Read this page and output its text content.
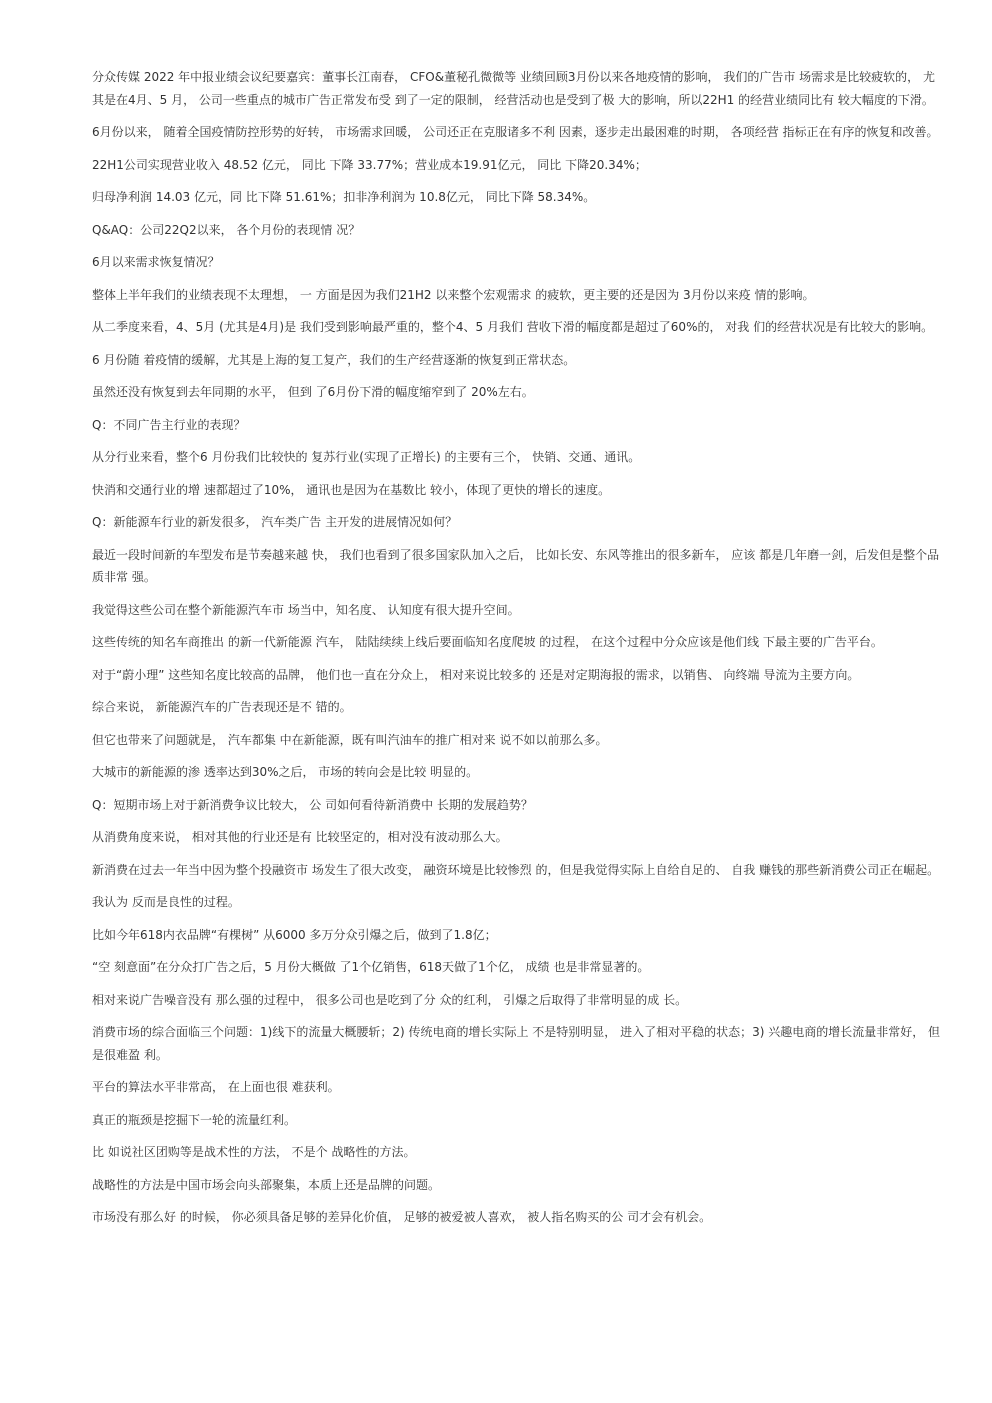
分众传媒 2022 年中报业绩会议纪要嘉宾：董事长江南春， CFO&董秘孔微微等 业绩回顾3月份以来各地疫情的影响， 我们的广告市 场需求是比较疲软的， 尤其是在4月、5 月， 公司一些重点的城市广告正常发布受 到了一定的限制， 经营活动也是受到了极 大的影响，所以22H1 的经营业绩同比有 较大幅度的下滑。

6月份以来， 随着全国疫情防控形势的好转， 市场需求回暖， 公司还正在克服诸多不利 因素，逐步走出最困难的时期， 各项经营 指标正在有序的恢复和改善。

22H1公司实现营业收入 48.52 亿元， 同比 下降 33.77%；营业成本19.91亿元， 同比 下降20.34%；

归母净利润 14.03 亿元，同 比下降 51.61%；扣非净利润为 10.8亿元， 同比下降 58.34%。

Q&AQ：公司22Q2以来， 各个月份的表现情 况？

6月以来需求恢复情况？

整体上半年我们的业绩表现不太理想， 一 方面是因为我们21H2 以来整个宏观需求 的疲软，更主要的还是因为 3月份以来疫 情的影响。

从二季度来看，4、5月 (尤其是4月)是 我们受到影响最严重的，整个4、5 月我们 营收下滑的幅度都是超过了60%的， 对我 们的经营状况是有比较大的影响。

6 月份随 着疫情的缓解，尤其是上海的复工复产，我们的生产经营逐渐的恢复到正常状态。

虽然还没有恢复到去年同期的水平， 但到 了6月份下滑的幅度缩窄到了 20%左右。

Q：不同广告主行业的表现？

从分行业来看，整个6 月份我们比较快的 复苏行业(实现了正增长) 的主要有三个， 快销、交通、通讯。

快消和交通行业的增 速都超过了10%， 通讯也是因为在基数比 较小，体现了更快的增长的速度。

Q：新能源车行业的新发很多， 汽车类广告 主开发的进展情况如何？

最近一段时间新的车型发布是节奏越来越 快， 我们也看到了很多国家队加入之后， 比如长安、东风等推出的很多新车， 应该 都是几年磨一剑，后发但是整个品质非常 强。

我觉得这些公司在整个新能源汽车市 场当中，知名度、 认知度有很大提升空间。

这些传统的知名车商推出 的新一代新能源 汽车， 陆陆续续上线后要面临知名度爬坡 的过程， 在这个过程中分众应该是他们线 下最主要的广告平台。

对于“蔚小理” 这些知名度比较高的品牌， 他们也一直在分众上， 相对来说比较多的 还是对定期海报的需求，以销售、 向终端 导流为主要方向。

综合来说， 新能源汽车的广告表现还是不 错的。

但它也带来了问题就是， 汽车都集 中在新能源，既有叫汽油车的推广相对来 说不如以前那么多。

大城市的新能源的渗 透率达到30%之后， 市场的转向会是比较 明显的。

Q：短期市场上对于新消费争议比较大， 公 司如何看待新消费中 长期的发展趋势？

从消费角度来说， 相对其他的行业还是有 比较坚定的，相对没有波动那么大。

新消费在过去一年当中因为整个投融资市 场发生了很大改变， 融资环境是比较惨烈 的，但是我觉得实际上自给自足的、 自我 赚钱的那些新消费公司正在崛起。

我认为 反而是良性的过程。

比如今年618内衣品牌“有棵树” 从6000 多万分众引爆之后，做到了1.8亿；

“空 刻意面”在分众打广告之后，5 月份大概做 了1个亿销售，618天做了1个亿， 成绩 也是非常显著的。

相对来说广告噪音没有 那么强的过程中， 很多公司也是吃到了分 众的红利， 引爆之后取得了非常明显的成 长。

消费市场的综合面临三个问题：1)线下的流量大概腰斩；2) 传统电商的增长实际上 不是特别明显， 进入了相对平稳的状态；3) 兴趣电商的增长流量非常好， 但是很难盈 利。

平台的算法水平非常高， 在上面也很 难获利。

真正的瓶颈是挖掘下一轮的流量红利。

比 如说社区团购等是战术性的方法， 不是个 战略性的方法。

战略性的方法是中国市场会向头部聚集，本质上还是品牌的问题。

市场没有那么好 的时候， 你必须具备足够的差异化价值， 足够的被爱被人喜欢， 被人指名购买的公 司才会有机会。
